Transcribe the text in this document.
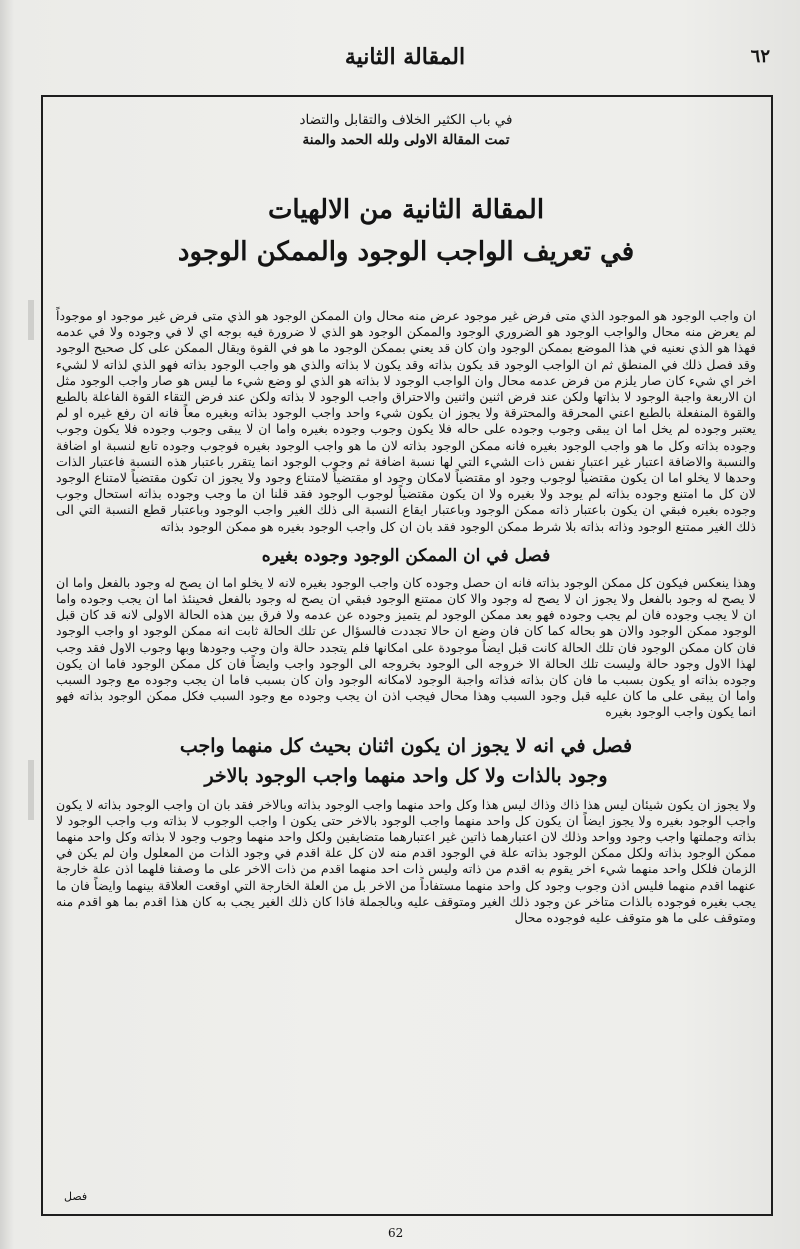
المقالة الثانية	٦٢

في باب الكثير الخلاف والتقابل والتضاد

تمت المقالة الاولى ولله الحمد والمنة

المقالة الثانية من الالهيات
في تعريف الواجب الوجود والممكن الوجود

ان واجب الوجود هو الموجود الذي متى فرض غير موجود عرض منه محال وان الممكن الوجود هو الذي متى فرض غير موجود او موجوداً لم يعرض منه محال والواجب الوجود هو الضروري الوجود والممكن الوجود هو الذي لا ضرورة فيه بوجه اي لا في وجوده ولا في عدمه فهذا هو الذي نعنيه في هذا الموضع بممكن الوجود وان كان قد يعني بممكن الوجود ما هو في القوة ويقال الممكن على كل صحيح الوجود وقد فصل ذلك في المنطق ثم ان الواجب الوجود قد يكون بذاته وقد يكون لا بذاته والذي هو واجب الوجود بذاته فهو الذي لذاته لا لشيء اخر اي شيء كان صار يلزم من فرض عدمه محال وان الواجب الوجود لا بذاته هو الذي لو وضع شيء ما ليس هو صار واجب الوجود مثل ان الاربعة واجبة الوجود لا بذاتها ولكن عند فرض اثنين واثنين والاحتراق واجب الوجود لا بذاته ولكن عند فرض التقاء القوة الفاعلة بالطبع والقوة المنفعلة بالطبع اعني المحرقة والمحترقة ولا يجوز ان يكون شيء واحد واجب الوجود بذاته وبغيره معاً فانه ان رفع غيره او لم يعتبر وجوده لم يخل اما ان يبقى وجوب وجوده على حاله فلا يكون وجوب وجوده بغيره واما ان لا يبقى وجوب وجوده فلا يكون وجوب وجوده بذاته وكل ما هو واجب الوجود بغيره فانه ممكن الوجود بذاته لان ما هو واجب الوجود بغيره فوجوب وجوده تابع لنسبة او اضافة والنسبة والاضافة اعتبار غير اعتبار نفس ذات الشيء التي لها نسبة اضافة ثم وجوب الوجود انما يتقرر باعتبار هذه النسبة فاعتبار الذات وحدها لا يخلو اما ان يكون مقتضياً لوجوب وجود او مقتضياً لامكان وجود او مقتضياً لامتناع وجود ولا يجوز ان تكون مقتضياً لامتناع الوجود لان كل ما امتنع وجوده بذاته لم يوجد ولا بغيره ولا ان يكون مقتضياً لوجوب الوجود فقد قلنا ان ما وجب وجوده بذاته استحال وجوب وجوده بغيره فبقي ان يكون باعتبار ذاته ممكن الوجود وباعتبار ايقاع النسبة الى ذلك الغير واجب الوجود وباعتبار قطع النسبة التي الى ذلك الغير ممتنع الوجود وذاته بذاته بلا شرط ممكن الوجود فقد بان ان كل واجب الوجود بغيره هو ممكن الوجود بذاته

فصل في ان الممكن الوجود وجوده بغيره

وهذا ينعكس فيكون كل ممكن الوجود بذاته فانه ان حصل وجوده كان واجب الوجود بغيره لانه لا يخلو اما ان يصح له وجود بالفعل واما ان لا يصح له وجود بالفعل ولا يجوز ان لا يصح له وجود والا كان ممتنع الوجود فبقي ان يصح له وجود بالفعل فحينئذ اما ان يجب وجوده واما ان لا يجب وجوده فان لم يجب وجوده فهو بعد ممكن الوجود لم يتميز وجوده عن عدمه ولا فرق بين هذه الحالة الاولى لانه قد كان قبل الوجود ممكن الوجود والان هو بحاله كما كان فان وضع ان حالا تجددت فالسؤال عن تلك الحالة ثابت انه ممكن الوجود او واجب الوجود فان كان ممكن الوجود فان تلك الحالة كانت قبل ايضاً موجودة على امكانها فلم يتجدد حالة وان وجب وجودها وبها وجوب الاول فقد وجب لهذا الاول وجود حالة وليست تلك الحالة الا خروجه الى الوجود بخروجه الى الوجود واجب وايضاً فان كل ممكن الوجود فاما ان يكون وجوده بذاته او يكون بسبب ما فان كان بذاته فذاته واجبة الوجود لامكانه الوجود وان كان بسبب فاما ان يجب وجوده مع وجود السبب واما ان يبقى على ما كان عليه قبل وجود السبب وهذا محال فيجب اذن ان يجب وجوده مع وجود السبب فكل ممكن الوجود بذاته فهو انما يكون واجب الوجود بغيره

فصل في انه لا يجوز ان يكون اثنان بحيث كل منهما واجب
وجود بالذات ولا كل واحد منهما واجب الوجود بالاخر

ولا يجوز ان يكون شيئان ليس هذا ذاك وذاك ليس هذا وكل واحد منهما واجب الوجود بذاته وبالاخر فقد بان ان واجب الوجود بذاته لا يكون واجب الوجود بغيره ولا يجوز ايضاً ان يكون كل واحد منهما واجب الوجود بالاخر حتى يكون ا واجب الوجوب لا بذاته وب واجب الوجود لا بذاته وجملتها واجب وجود وواحد وذلك لان اعتبارهما ذاتين غير اعتبارهما متضايفين ولكل واحد منهما وجوب وجود لا بذاته وكل واحد منهما ممكن الوجود بذاته ولكل ممكن الوجود بذاته علة في الوجود اقدم منه لان كل علة اقدم في وجود الذات من المعلول وان لم يكن في الزمان فلكل واحد منهما شيء اخر يقوم به اقدم من ذاته وليس ذات احد منهما اقدم من ذات الاخر على ما وصفنا فلهما اذن علة خارجة عنهما اقدم منهما فليس اذن وجوب وجود كل واحد منهما مستفاداً من الاخر بل من العلة الخارجة التي اوقعت العلاقة بينهما وايضاً فان ما يجب بغيره فوجوده بالذات متاخر عن وجود ذلك الغير ومتوقف عليه وبالجملة فاذا كان ذلك الغير يجب به كان هذا اقدم بما هو اقدم منه ومتوقف على ما هو متوقف عليه فوجوده محال

فصل
62
